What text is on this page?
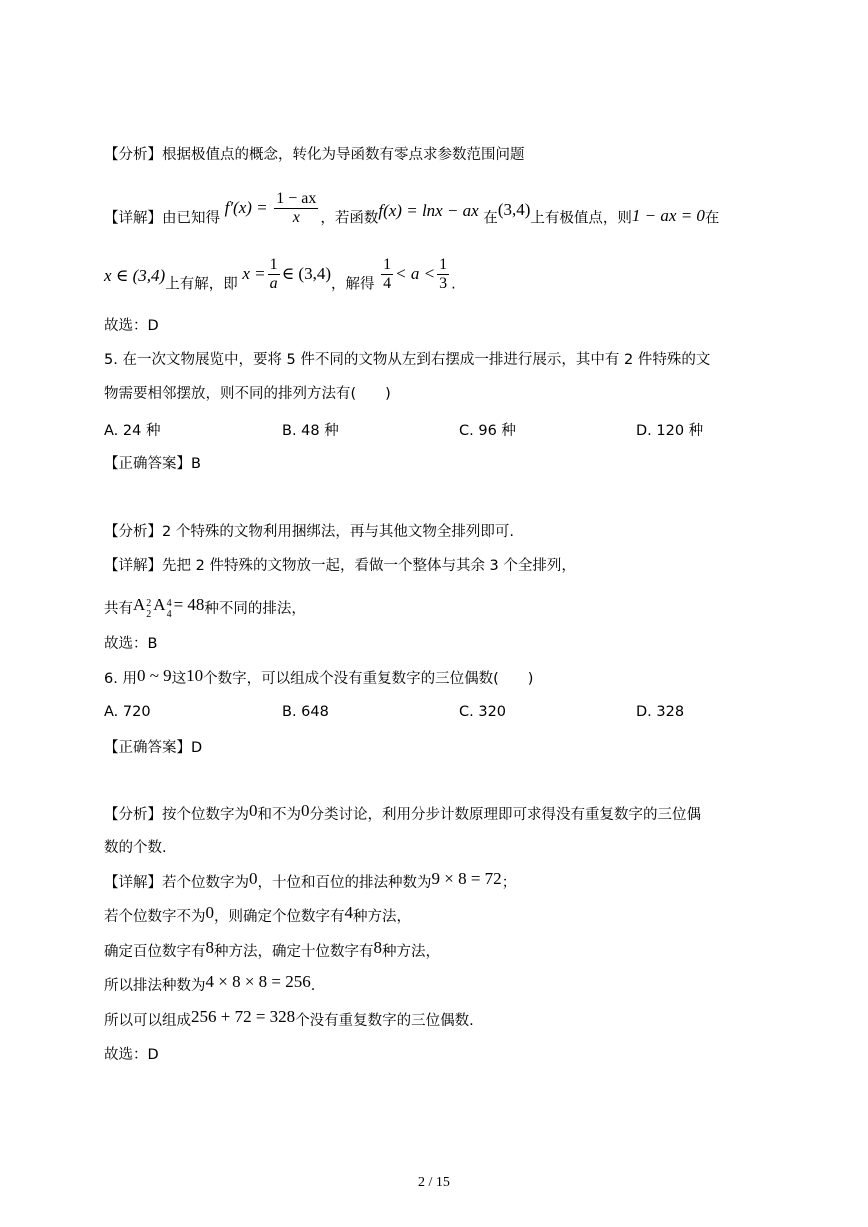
【分析】根据极值点的概念，转化为导函数有零点求参数范围问题
【详解】由已知得 $f'(x) = \frac{1 - ax}{x}$ ，若函数f(x) = lnx − ax 在(3,4)上有极值点，则1 − ax = 0在
x ∈ (3,4)上有解，即 $x = \frac{1}{a}$ ∈ (3,4)，解得 $\frac{1}{4} < a < \frac{1}{3}$ .
故选：D
5. 在一次文物展览中，要将 5 件不同的文物从左到右摆成一排进行展示，其中有 2 件特殊的文
物需要相邻摆放，则不同的排列方法有(　　)
A. 24 种	B. 48 种	C. 96 种	D. 120 种
【正确答案】B
【分析】2 个特殊的文物利用捆绑法，再与其他文物全排列即可.
【详解】先把 2 件特殊的文物放一起，看做一个整体与其余 3 个全排列，
共有A 2
2
A 4
4
= 48种不同的排法，
故选：B
6. 用0 ~ 9这10个数字，可以组成个没有重复数字的三位偶数(　　)
A. 720	B. 648	C. 320	D. 328
【正确答案】D
【分析】按个位数字为0和不为0分类讨论，利用分步计数原理即可求得没有重复数字的三位偶
数的个数.
【详解】若个位数字为0，十位和百位的排法种数为9 × 8 = 72；
若个位数字不为0，则确定个位数字有4种方法，
确定百位数字有8种方法，确定十位数字有8种方法，
所以排法种数为4 × 8 × 8 = 256.
所以可以组成256 + 72 = 328个没有重复数字的三位偶数.
故选：D
2 / 15
